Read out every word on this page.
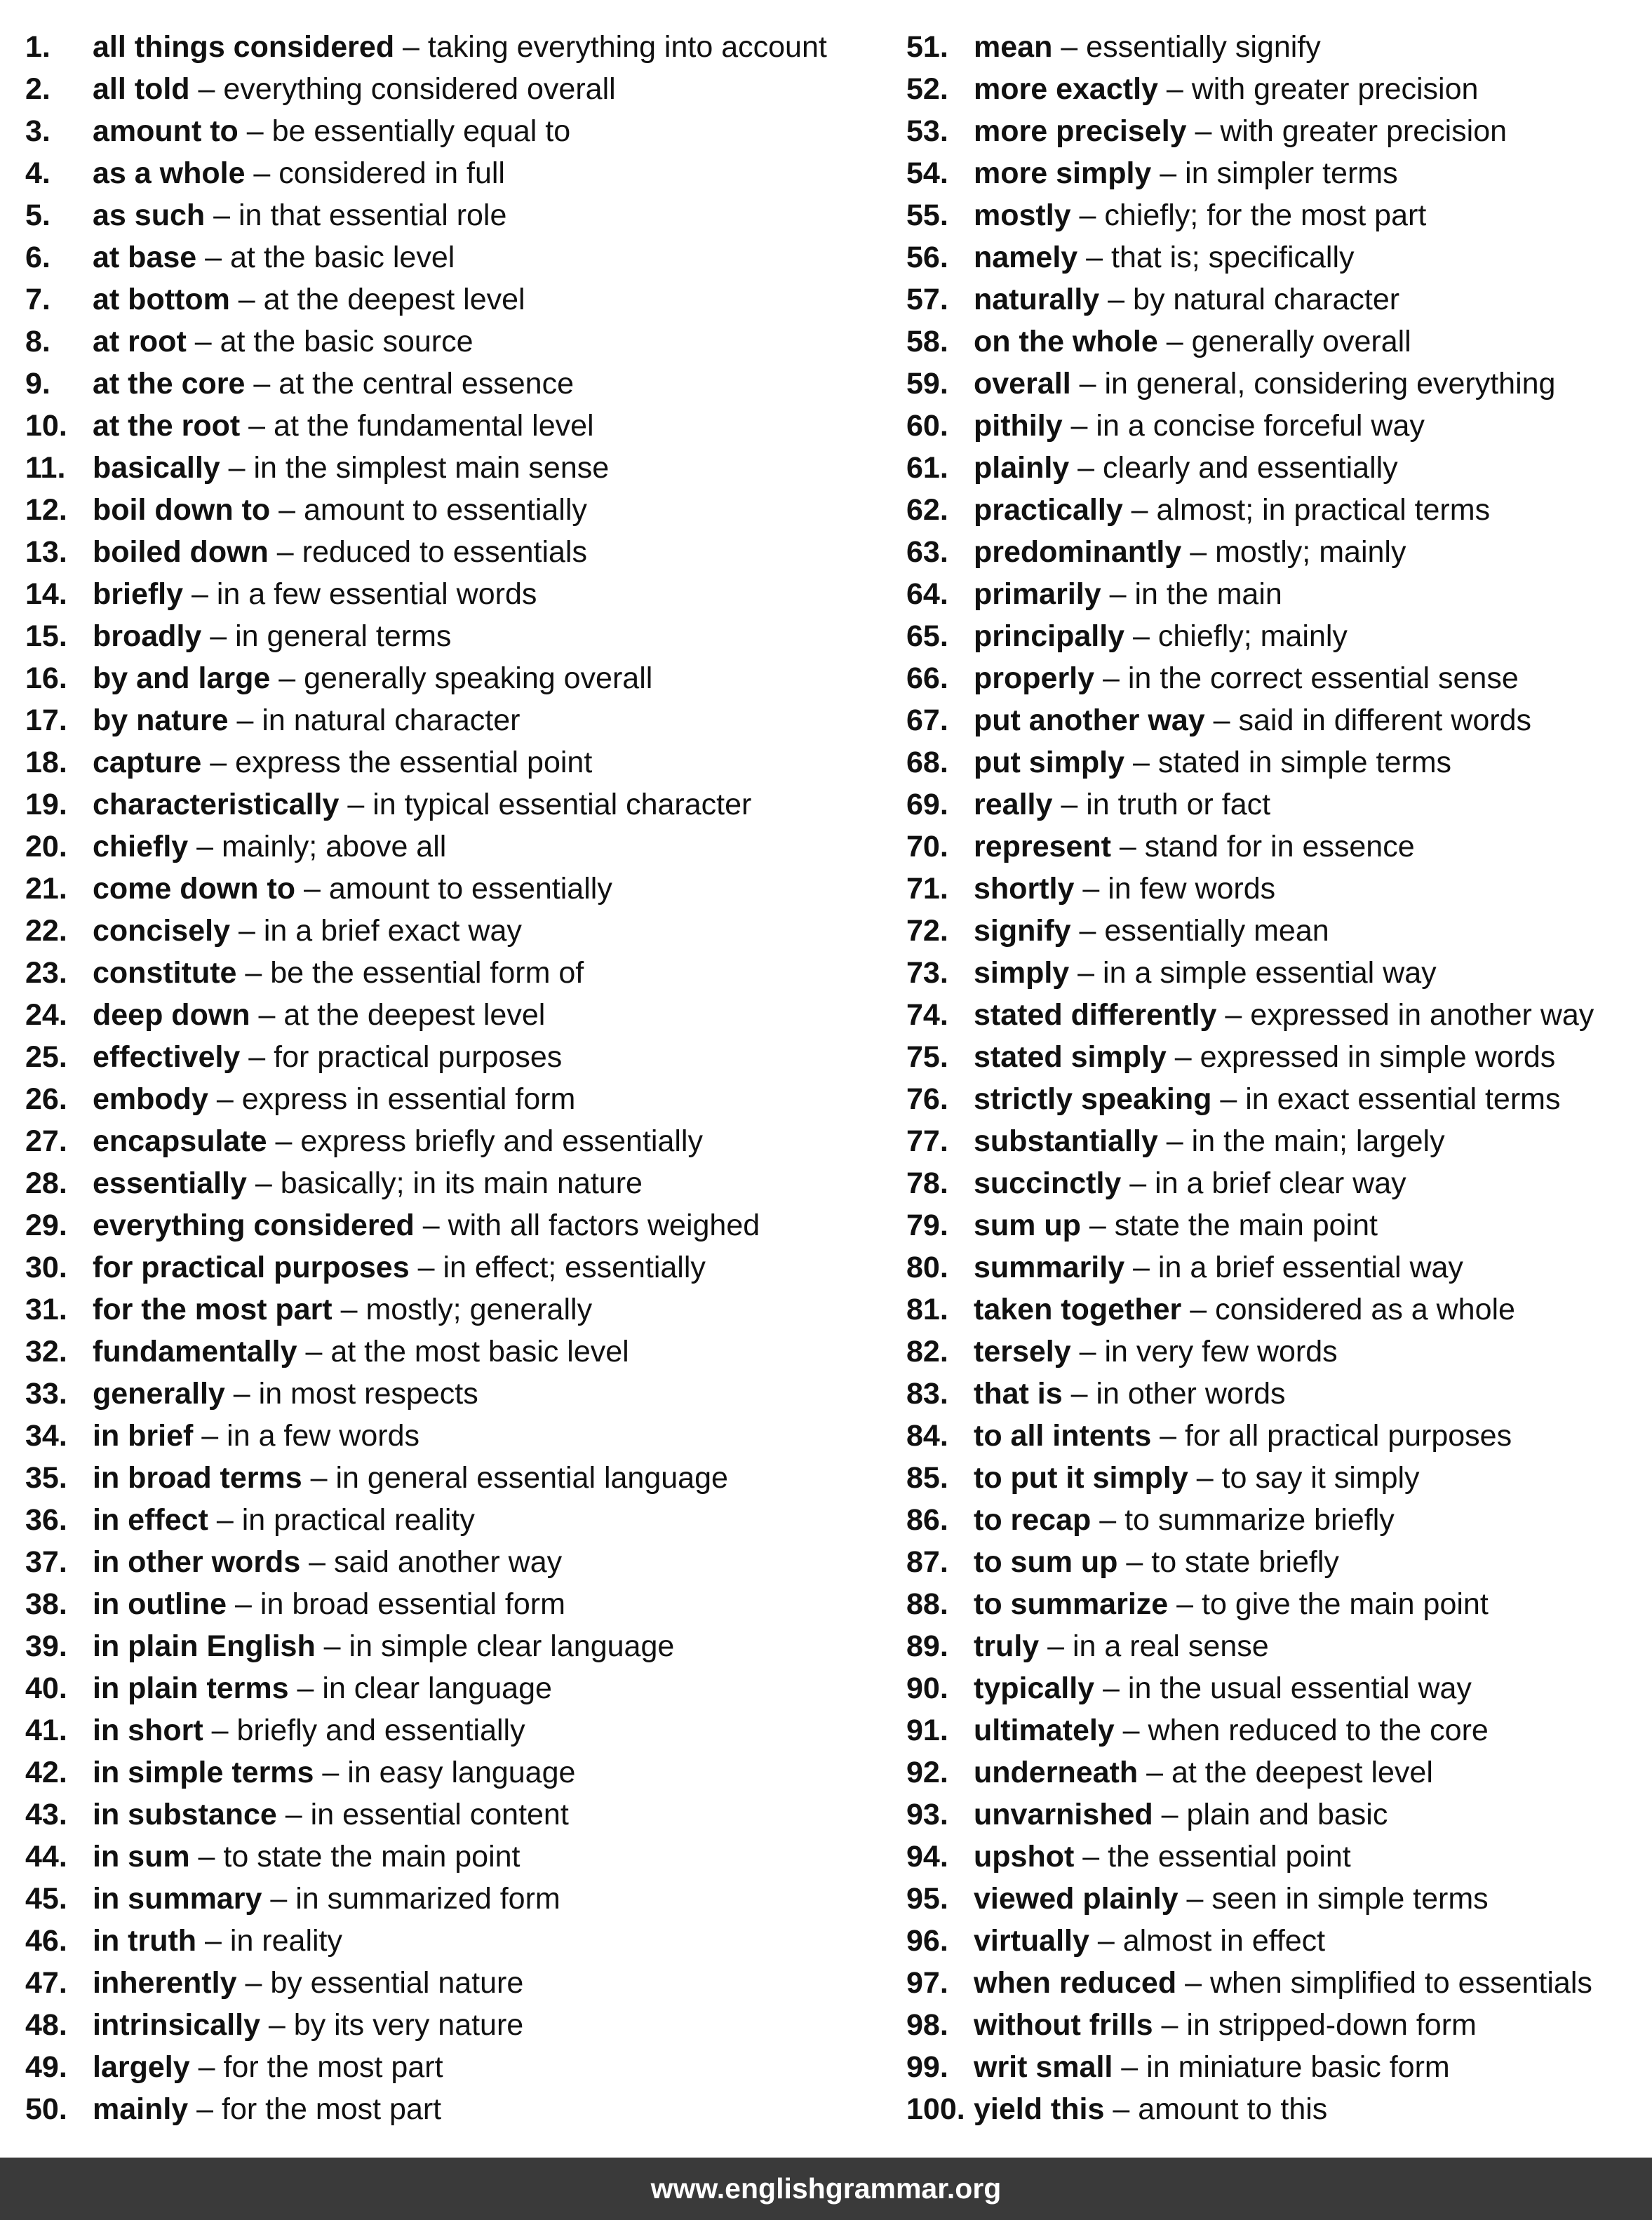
1. all things considered – taking everything into account
2. all told – everything considered overall
3. amount to – be essentially equal to
4. as a whole – considered in full
5. as such – in that essential role
6. at base – at the basic level
7. at bottom – at the deepest level
8. at root – at the basic source
9. at the core – at the central essence
10. at the root – at the fundamental level
11. basically – in the simplest main sense
12. boil down to – amount to essentially
13. boiled down – reduced to essentials
14. briefly – in a few essential words
15. broadly – in general terms
16. by and large – generally speaking overall
17. by nature – in natural character
18. capture – express the essential point
19. characteristically – in typical essential character
20. chiefly – mainly; above all
21. come down to – amount to essentially
22. concisely – in a brief exact way
23. constitute – be the essential form of
24. deep down – at the deepest level
25. effectively – for practical purposes
26. embody – express in essential form
27. encapsulate – express briefly and essentially
28. essentially – basically; in its main nature
29. everything considered – with all factors weighed
30. for practical purposes – in effect; essentially
31. for the most part – mostly; generally
32. fundamentally – at the most basic level
33. generally – in most respects
34. in brief – in a few words
35. in broad terms – in general essential language
36. in effect – in practical reality
37. in other words – said another way
38. in outline – in broad essential form
39. in plain English – in simple clear language
40. in plain terms – in clear language
41. in short – briefly and essentially
42. in simple terms – in easy language
43. in substance – in essential content
44. in sum – to state the main point
45. in summary – in summarized form
46. in truth – in reality
47. inherently – by essential nature
48. intrinsically – by its very nature
49. largely – for the most part
50. mainly – for the most part
51. mean – essentially signify
52. more exactly – with greater precision
53. more precisely – with greater precision
54. more simply – in simpler terms
55. mostly – chiefly; for the most part
56. namely – that is; specifically
57. naturally – by natural character
58. on the whole – generally overall
59. overall – in general, considering everything
60. pithily – in a concise forceful way
61. plainly – clearly and essentially
62. practically – almost; in practical terms
63. predominantly – mostly; mainly
64. primarily – in the main
65. principally – chiefly; mainly
66. properly – in the correct essential sense
67. put another way – said in different words
68. put simply – stated in simple terms
69. really – in truth or fact
70. represent – stand for in essence
71. shortly – in few words
72. signify – essentially mean
73. simply – in a simple essential way
74. stated differently – expressed in another way
75. stated simply – expressed in simple words
76. strictly speaking – in exact essential terms
77. substantially – in the main; largely
78. succinctly – in a brief clear way
79. sum up – state the main point
80. summarily – in a brief essential way
81. taken together – considered as a whole
82. tersely – in very few words
83. that is – in other words
84. to all intents – for all practical purposes
85. to put it simply – to say it simply
86. to recap – to summarize briefly
87. to sum up – to state briefly
88. to summarize – to give the main point
89. truly – in a real sense
90. typically – in the usual essential way
91. ultimately – when reduced to the core
92. underneath – at the deepest level
93. unvarnished – plain and basic
94. upshot – the essential point
95. viewed plainly – seen in simple terms
96. virtually – almost in effect
97. when reduced – when simplified to essentials
98. without frills – in stripped-down form
99. writ small – in miniature basic form
100. yield this – amount to this
www.englishgrammar.org
